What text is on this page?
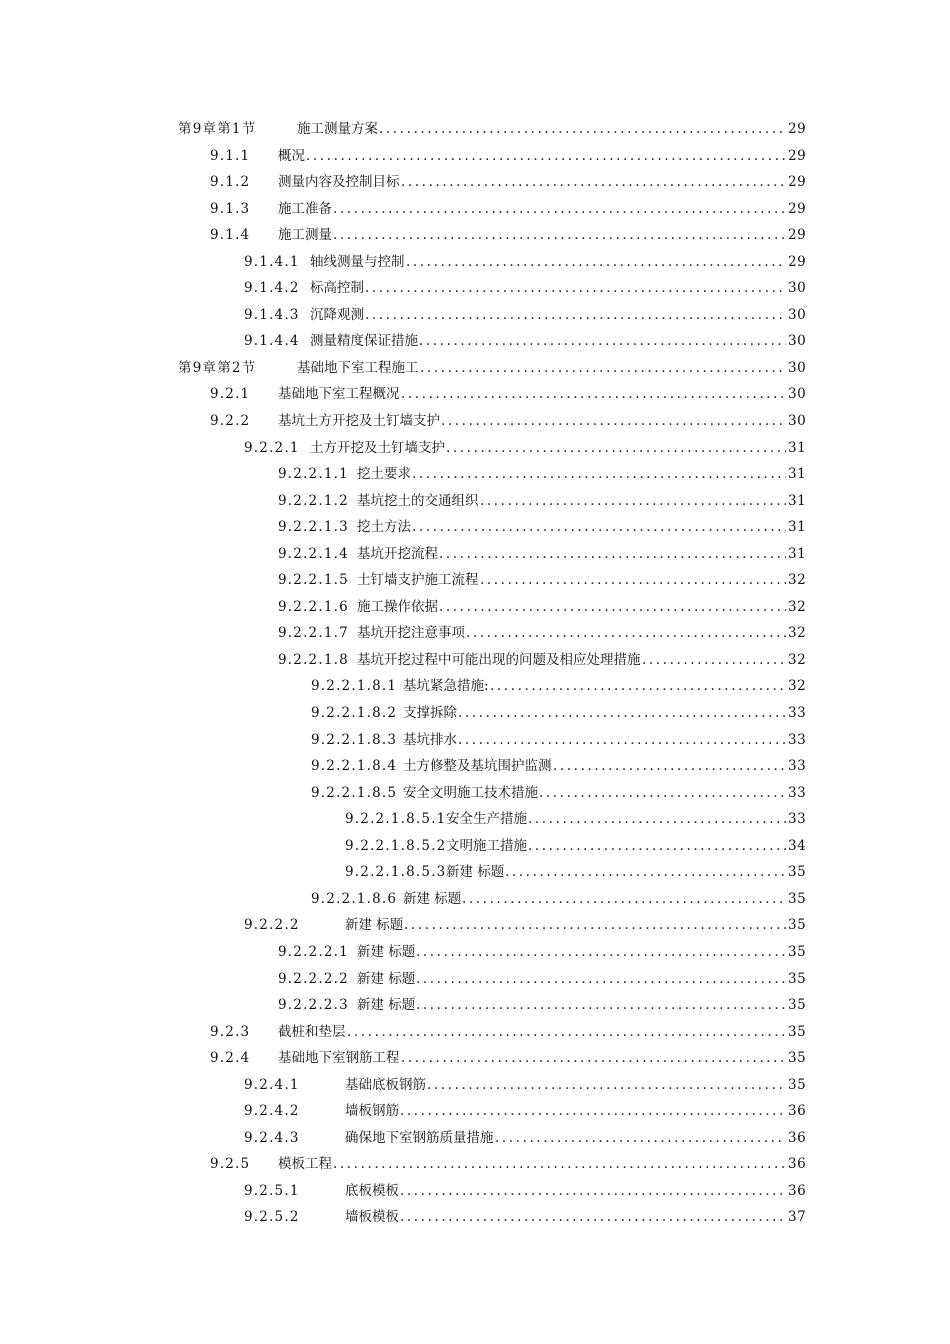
第9章第1节	施工测量方案 .....	29
9.1.1 概况 .....	29
9.1.2 测量内容及控制目标 .....	29
9.1.3 施工准备 .....	29
9.1.4 施工测量 .....	29
9.1.4.1 轴线测量与控制 .....	29
9.1.4.2 标高控制 .....	30
9.1.4.3 沉降观测 .....	30
9.1.4.4 测量精度保证措施 .....	30
第9章第2节	基础地下室工程施工 .....	30
9.2.1 基础地下室工程概况 .....	30
9.2.2 基坑土方开挖及土钉墙支护 .....	30
9.2.2.1 土方开挖及土钉墙支护 .....	31
9.2.2.1.1 挖土要求 .....	31
9.2.2.1.2 基坑挖土的交通组织 .....	31
9.2.2.1.3 挖土方法 .....	31
9.2.2.1.4 基坑开挖流程 .....	31
9.2.2.1.5 土钉墙支护施工流程 .....	32
9.2.2.1.6 施工操作依据 .....	32
9.2.2.1.7 基坑开挖注意事项 .....	32
9.2.2.1.8 基坑开挖过程中可能出现的问题及相应处理措施 .....	32
9.2.2.1.8.1 基坑紧急措施: .....	32
9.2.2.1.8.2 支撑拆除 .....	33
9.2.2.1.8.3 基坑排水 .....	33
9.2.2.1.8.4 土方修整及基坑围护监测 .....	33
9.2.2.1.8.5 安全文明施工技术措施 .....	33
9.2.2.1.8.5.1 安全生产措施 .....	33
9.2.2.1.8.5.2 文明施工措施 .....	34
9.2.2.1.8.5.3 新建 标题 .....	35
9.2.2.1.8.6 新建 标题 .....	35
9.2.2.2	新建 标题 .....	35
9.2.2.2.1 新建 标题 .....	35
9.2.2.2.2 新建 标题 .....	35
9.2.2.2.3 新建 标题 .....	35
9.2.3 截桩和垫层 .....	35
9.2.4 基础地下室钢筋工程 .....	35
9.2.4.1	基础底板钢筋 .....	35
9.2.4.2	墙板钢筋 .....	36
9.2.4.3	确保地下室钢筋质量措施 .....	36
9.2.5 模板工程 .....	36
9.2.5.1	底板模板 .....	36
9.2.5.2	墙板模板 .....	37
